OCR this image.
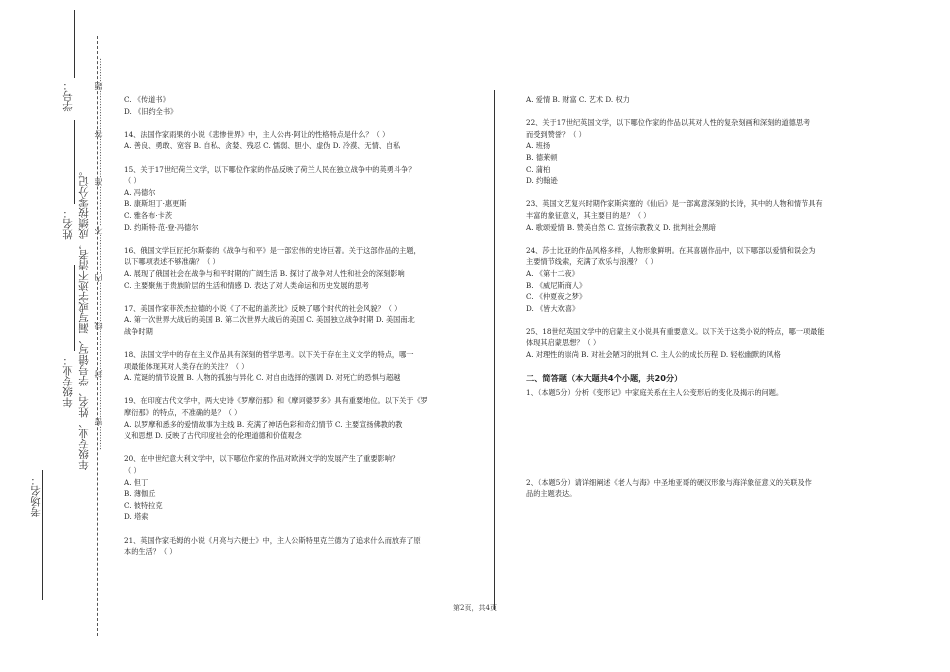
学号：
姓名：
年级专业： 年级专业、姓名、学号错写、漏写或字迹不清者，成绩按零分记。 ………密……………封……………线……………内……………不……………准……………答……………题………
考场名：
C. 《传道书》
D. 《旧约全书》
14、法国作家雨果的小说《悲惨世界》中，主人公冉·阿让的性格特点是什么？（ ）
A. 善良、勇敢、宽容 B. 自私、贪婪、残忍 C. 懦弱、胆小、虚伪 D. 冷漠、无情、自私
15、关于17世纪荷兰文学，以下哪位作家的作品反映了荷兰人民在独立战争中的英勇斗争？
（ ）
A. 冯德尔
B. 康斯坦丁·惠更斯
C. 雅各布·卡茨
D. 约斯特·范·登·冯德尔
16、俄国文学巨匠托尔斯泰的《战争与和平》是一部宏伟的史诗巨著。关于这部作品的主题，
以下哪项表述不够准确？（ ）
A. 展现了俄国社会在战争与和平时期的广阔生活 B. 探讨了战争对人性和社会的深刻影响
C. 主要聚焦于贵族阶层的生活和情感 D. 表达了对人类命运和历史发展的思考
17、美国作家菲茨杰拉德的小说《了不起的盖茨比》反映了哪个时代的社会风貌？（ ）
A. 第一次世界大战后的美国 B. 第二次世界大战后的美国 C. 美国独立战争时期 D. 美国南北
战争时期
18、法国文学中的存在主义作品具有深刻的哲学思考。以下关于存在主义文学的特点，哪一
项最能体现其对人类存在的关注？（ ）
A. 荒诞的情节设置 B. 人物的孤独与异化 C. 对自由选择的强调 D. 对死亡的恐惧与超越
19、在印度古代文学中，两大史诗《罗摩衍那》和《摩诃婆罗多》具有重要地位。以下关于《罗
摩衍那》的特点，不准确的是？（ ）
A. 以罗摩和悉多的爱情故事为主线 B. 充满了神话色彩和奇幻情节 C. 主要宣扬佛教的教
义和思想 D. 反映了古代印度社会的伦理道德和价值观念
20、在中世纪意大利文学中，以下哪位作家的作品对欧洲文学的发展产生了重要影响？
（ ）
A. 但丁
B. 薄伽丘
C. 彼特拉克
D. 塔索
21、英国作家毛姆的小说《月亮与六便士》中，主人公斯特里克兰德为了追求什么而放弃了原
本的生活？（ ）
A. 爱情 B. 财富 C. 艺术 D. 权力
22、关于17世纪英国文学，以下哪位作家的作品以其对人性的复杂刻画和深刻的道德思考
而受到赞誉？（ ）
A. 班扬
B. 德莱顿
C. 蒲柏
D. 约翰逊
23、英国文艺复兴时期作家斯宾塞的《仙后》是一部寓意深刻的长诗，其中的人物和情节具有
丰富的象征意义，其主要目的是？（ ）
A. 歌颂爱情 B. 赞美自然 C. 宣扬宗教教义 D. 批判社会黑暗
24、莎士比亚的作品风格多样，人物形象鲜明。在其喜剧作品中，以下哪部以爱情和误会为
主要情节线索，充满了欢乐与浪漫？（ ）
A. 《第十二夜》
B. 《威尼斯商人》
C. 《仲夏夜之梦》
D. 《皆大欢喜》
25、18世纪英国文学中的启蒙主义小说具有重要意义。以下关于这类小说的特点，哪一项最能
体现其启蒙思想？（ ）
A. 对理性的崇尚 B. 对社会陋习的批判 C. 主人公的成长历程 D. 轻松幽默的风格
二、简答题（本大题共4个小题，共20分）
1、（本题5分）分析《变形记》中家庭关系在主人公变形后的变化及揭示的问题。
2、（本题5分）请详细阐述《老人与海》中圣地亚哥的硬汉形象与海洋象征意义的关联及作
品的主题表达。
第2页，共4页
